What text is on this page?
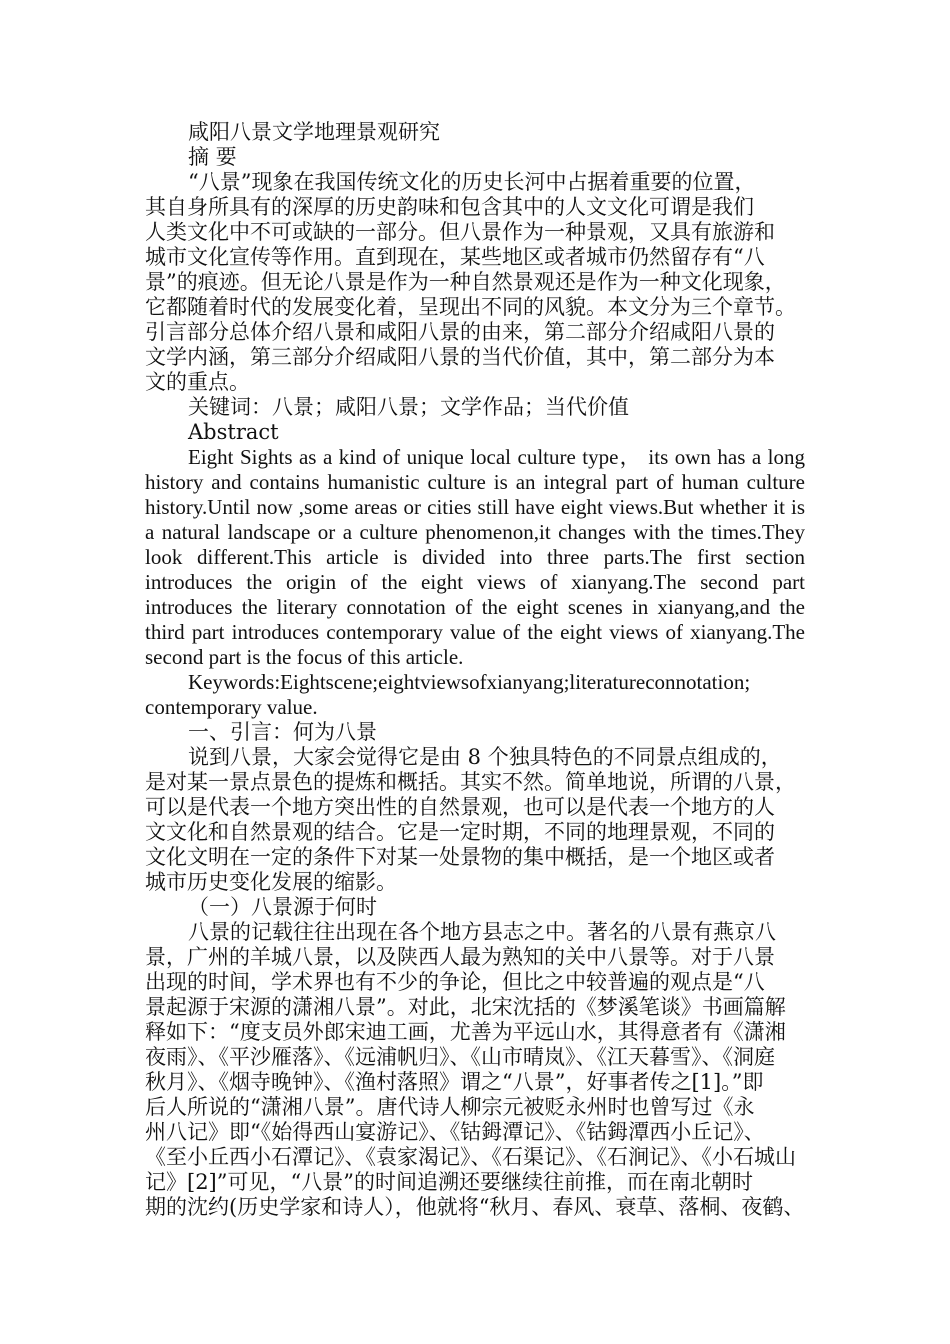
咸阳八景文学地理景观研究
摘 要
“八景”现象在我国传统文化的历史长河中占据着重要的位置，
其自身所具有的深厚的历史韵味和包含其中的人文文化可谓是我们
人类文化中不可或缺的一部分。但八景作为一种景观，又具有旅游和
城市文化宣传等作用。直到现在，某些地区或者城市仍然留存有“八
景”的痕迹。但无论八景是作为一种自然景观还是作为一种文化现象，
它都随着时代的发展变化着，呈现出不同的风貌。本文分为三个章节。
引言部分总体介绍八景和咸阳八景的由来，第二部分介绍咸阳八景的
文学内涵，第三部分介绍咸阳八景的当代价值，其中，第二部分为本
文的重点。
关键词：八景；咸阳八景；文学作品；当代价值
Abstract
Eight Sights as a kind of unique local culture type， its own has a long history and contains humanistic culture is an integral part of human culture history.Until now ,some areas or cities still have eight views.But whether it is a natural landscape or a culture phenomenon,it changes with the times.They look different.This article is divided into three parts.The first section introduces the origin of the eight views of xianyang.The second part introduces the literary connotation of the eight scenes in xianyang,and the third part introduces contemporary value of the eight views of xianyang.The second part is the focus of this article.
Keywords:Eightscene;eightviewsofxianyang;literatureconnotation; contemporary value.
一、引言：何为八景
说到八景，大家会觉得它是由 8 个独具特色的不同景点组成的，
是对某一景点景色的提炼和概括。其实不然。简单地说，所谓的八景，
可以是代表一个地方突出性的自然景观，也可以是代表一个地方的人
文文化和自然景观的结合。它是一定时期，不同的地理景观，不同的
文化文明在一定的条件下对某一处景物的集中概括，是一个地区或者
城市历史变化发展的缩影。
（一）八景源于何时
八景的记载往往出现在各个地方县志之中。著名的八景有燕京八
景，广州的羊城八景，以及陕西人最为熟知的关中八景等。对于八景
出现的时间，学术界也有不少的争论，但比之中较普遍的观点是“八
景起源于宋源的潇湘八景”。对此，北宋沈括的《梦溪笔谈》书画篇解
释如下：“度支员外郎宋迪工画，尤善为平远山水，其得意者有《潇湘
夜雨》、《平沙雁落》、《远浦帆归》、《山市晴岚》、《江天暮雪》、《洞庭
秋月》、《烟寺晚钟》、《渔村落照》谓之“八景”，好事者传之[1]。”即
后人所说的“潇湘八景”。唐代诗人柳宗元被贬永州时也曾写过《永
州八记》即“《始得西山宴游记》、《钴鉧潭记》、《钴鉧潭西小丘记》、
《至小丘西小石潭记》、《袁家渴记》、《石渠记》、《石涧记》、《小石城山
记》[2]”可见，“八景”的时间追溯还要继续往前推，而在南北朝时
期的沈约(历史学家和诗人），他就将“秋月、春风、衰草、落桐、夜鹤、
